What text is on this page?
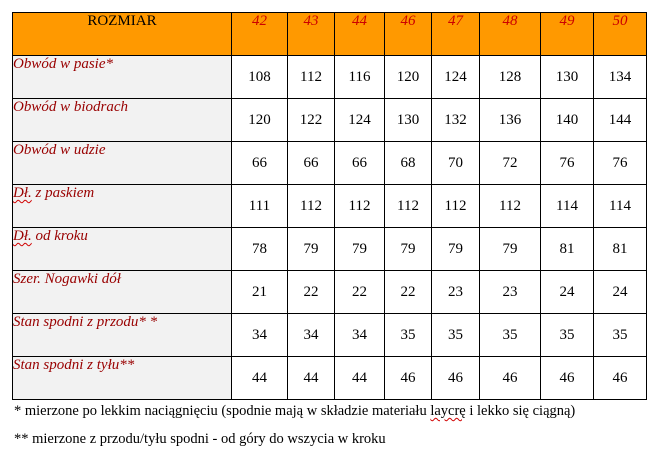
ROZMIAR	42	43	44	46	47	48	49	50
Obwód w pasie*	108	112	116	120	124	128	130	134
Obwód w biodrach	120	122	124	130	132	136	140	144
Obwód w udzie	66	66	66	68	70	72	76	76
Dł. z paskiem	111	112	112	112	112	112	114	114
Dł. od kroku	78	79	79	79	79	79	81	81
Szer. Nogawki dół	21	22	22	22	23	23	24	24
Stan spodni z przodu* *	34	34	34	35	35	35	35	35
Stan spodni z tyłu**	44	44	44	46	46	46	46	46
* mierzone po lekkim naciągnięciu (spodnie mają w składzie materiału laycrę i lekko się ciągną)
** mierzone z przodu/tyłu spodni - od góry do wszycia w kroku
